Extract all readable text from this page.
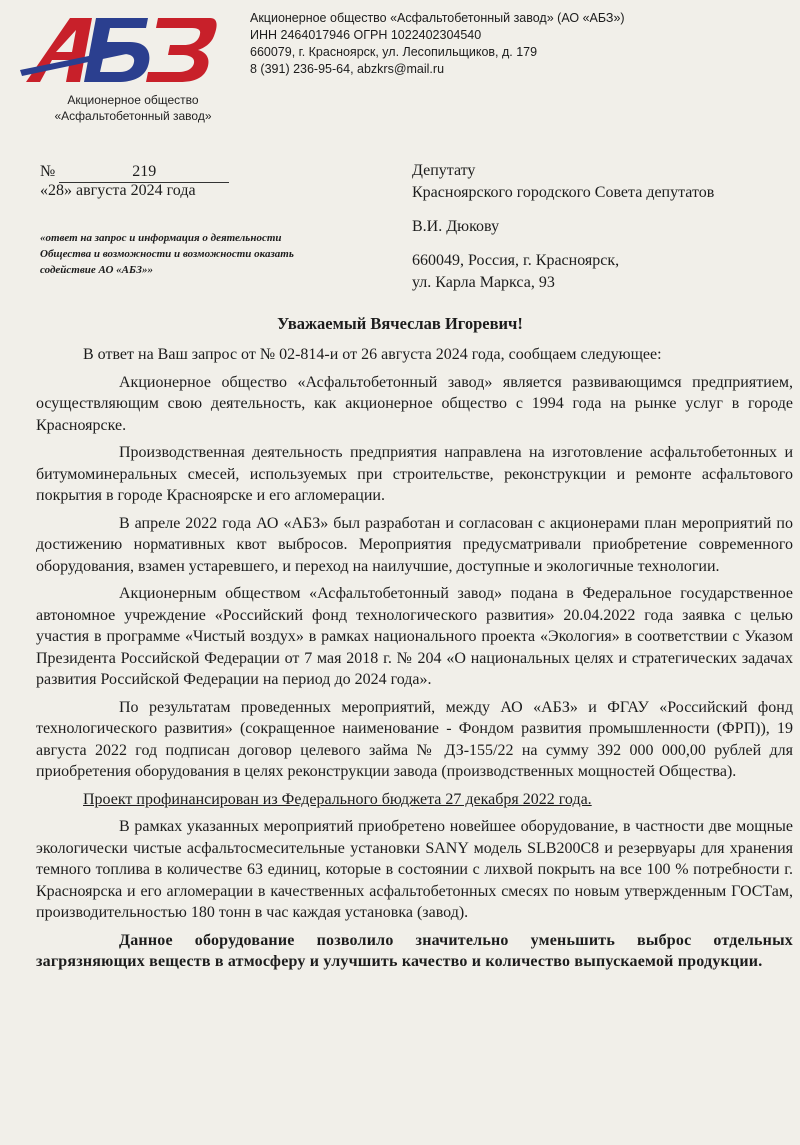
Акционерное общество
«Асфальтобетонный завод»
Акционерное общество «Асфальтобетонный завод» (АО «АБЗ»)
ИНН 2464017946 ОГРН 1022402304540
660079, г. Красноярск, ул. Лесопильщиков, д. 179
8 (391) 236-95-64, abzkrs@mail.ru
№	219
«28» августа 2024 года
«ответ на запрос и информация о деятельности
Общества и возможности и возможности оказать
содействие АО «АБЗ»»
Депутату
Красноярского городского Совета депутатов
В.И. Дюкову
660049, Россия, г. Красноярск,
ул. Карла Маркса, 93
Уважаемый Вячеслав Игоревич!

В ответ на Ваш запрос от № 02-814-и от 26 августа 2024 года, сообщаем следующее:

Акционерное общество «Асфальтобетонный завод» является развивающимся предприятием, осуществляющим свою деятельность, как акционерное общество с 1994 года на рынке услуг в городе Красноярске.

Производственная деятельность предприятия направлена на изготовление асфальтобетонных и битумоминеральных смесей, используемых при строительстве, реконструкции и ремонте асфальтового покрытия в городе Красноярске и его агломерации.

В апреле 2022 года АО «АБЗ» был разработан и согласован с акционерами план мероприятий по достижению нормативных квот выбросов. Мероприятия предусматривали приобретение современного оборудования, взамен устаревшего, и переход на наилучшие, доступные и экологичные технологии.

Акционерным обществом «Асфальтобетонный завод» подана в Федеральное государственное автономное учреждение «Российский фонд технологического развития» 20.04.2022 года заявка с целью участия в программе «Чистый воздух» в рамках национального проекта «Экология» в соответствии с Указом Президента Российской Федерации от 7 мая 2018 г. № 204 «О национальных целях и стратегических задачах развития Российской Федерации на период до 2024 года».

По результатам проведенных мероприятий, между АО «АБЗ» и ФГАУ «Российский фонд технологического развития» (сокращенное наименование - Фондом развития промышленности (ФРП)), 19 августа 2022 год подписан договор целевого займа № ДЗ-155/22 на сумму 392 000 000,00 рублей для приобретения оборудования в целях реконструкции завода (производственных мощностей Общества).

Проект профинансирован из Федерального бюджета 27 декабря 2022 года.

В рамках указанных мероприятий приобретено новейшее оборудование, в частности две мощные экологически чистые асфальтосмесительные установки SANY модель SLB200C8 и резервуары для хранения темного топлива в количестве 63 единиц, которые в состоянии с лихвой покрыть на все 100 % потребности г. Красноярска и его агломерации в качественных асфальтобетонных смесях по новым утвержденным ГОСТам, производительностью 180 тонн в час каждая установка (завод).

Данное оборудование позволило значительно уменьшить выброс отдельных загрязняющих веществ в атмосферу и улучшить качество и количество выпускаемой продукции.
